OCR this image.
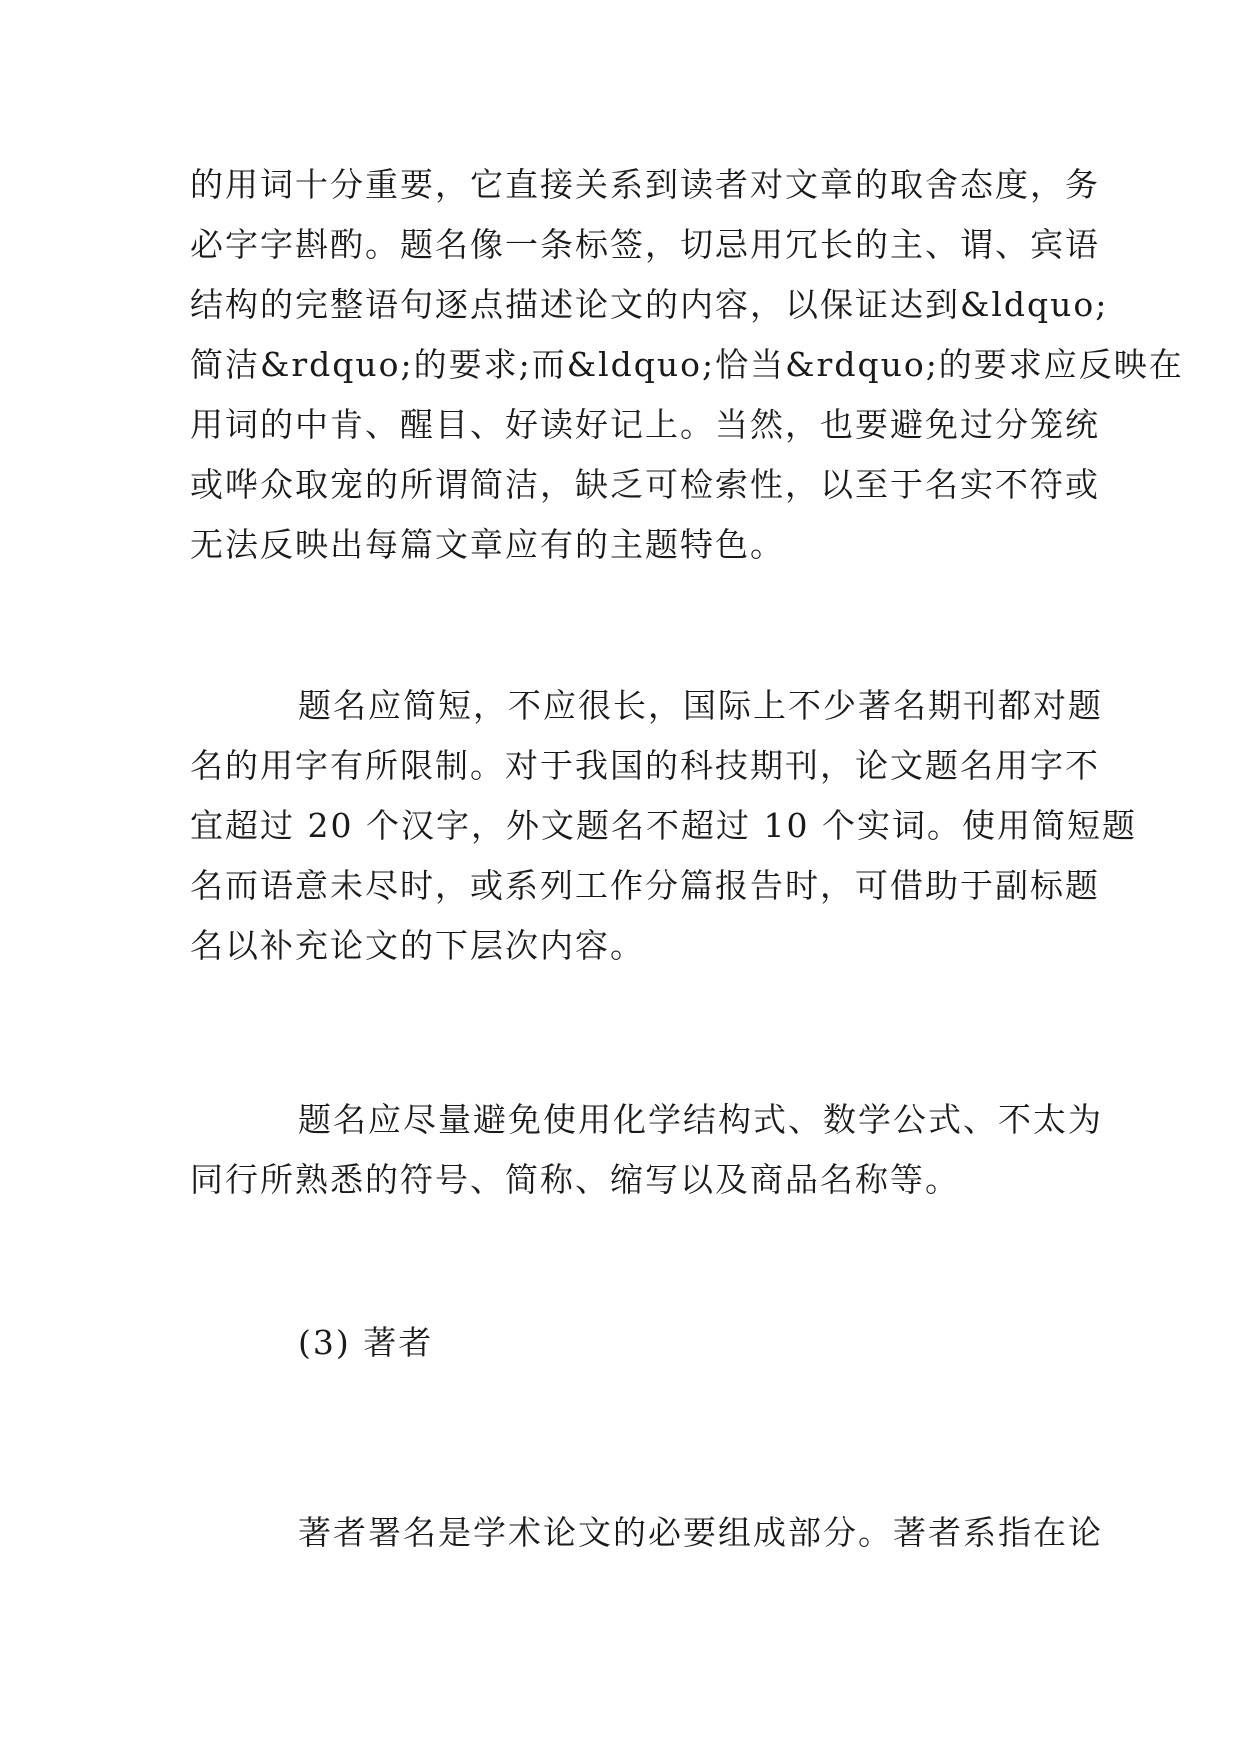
的用词十分重要，它直接关系到读者对文章的取舍态度，务
必字字斟酌。题名像一条标签，切忌用冗长的主、谓、宾语
结构的完整语句逐点描述论文的内容，以保证达到&ldquo;
简洁&rdquo;的要求;而&ldquo;恰当&rdquo;的要求应反映在
用词的中肯、醒目、好读好记上。当然，也要避免过分笼统
或哗众取宠的所谓简洁，缺乏可检索性，以至于名实不符或
无法反映出每篇文章应有的主题特色。
题名应简短，不应很长，国际上不少著名期刊都对题
名的用字有所限制。对于我国的科技期刊，论文题名用字不
宜超过 20 个汉字，外文题名不超过 10 个实词。使用简短题
名而语意未尽时，或系列工作分篇报告时，可借助于副标题
名以补充论文的下层次内容。
题名应尽量避免使用化学结构式、数学公式、不太为
同行所熟悉的符号、简称、缩写以及商品名称等。
(3) 著者
著者署名是学术论文的必要组成部分。著者系指在论
